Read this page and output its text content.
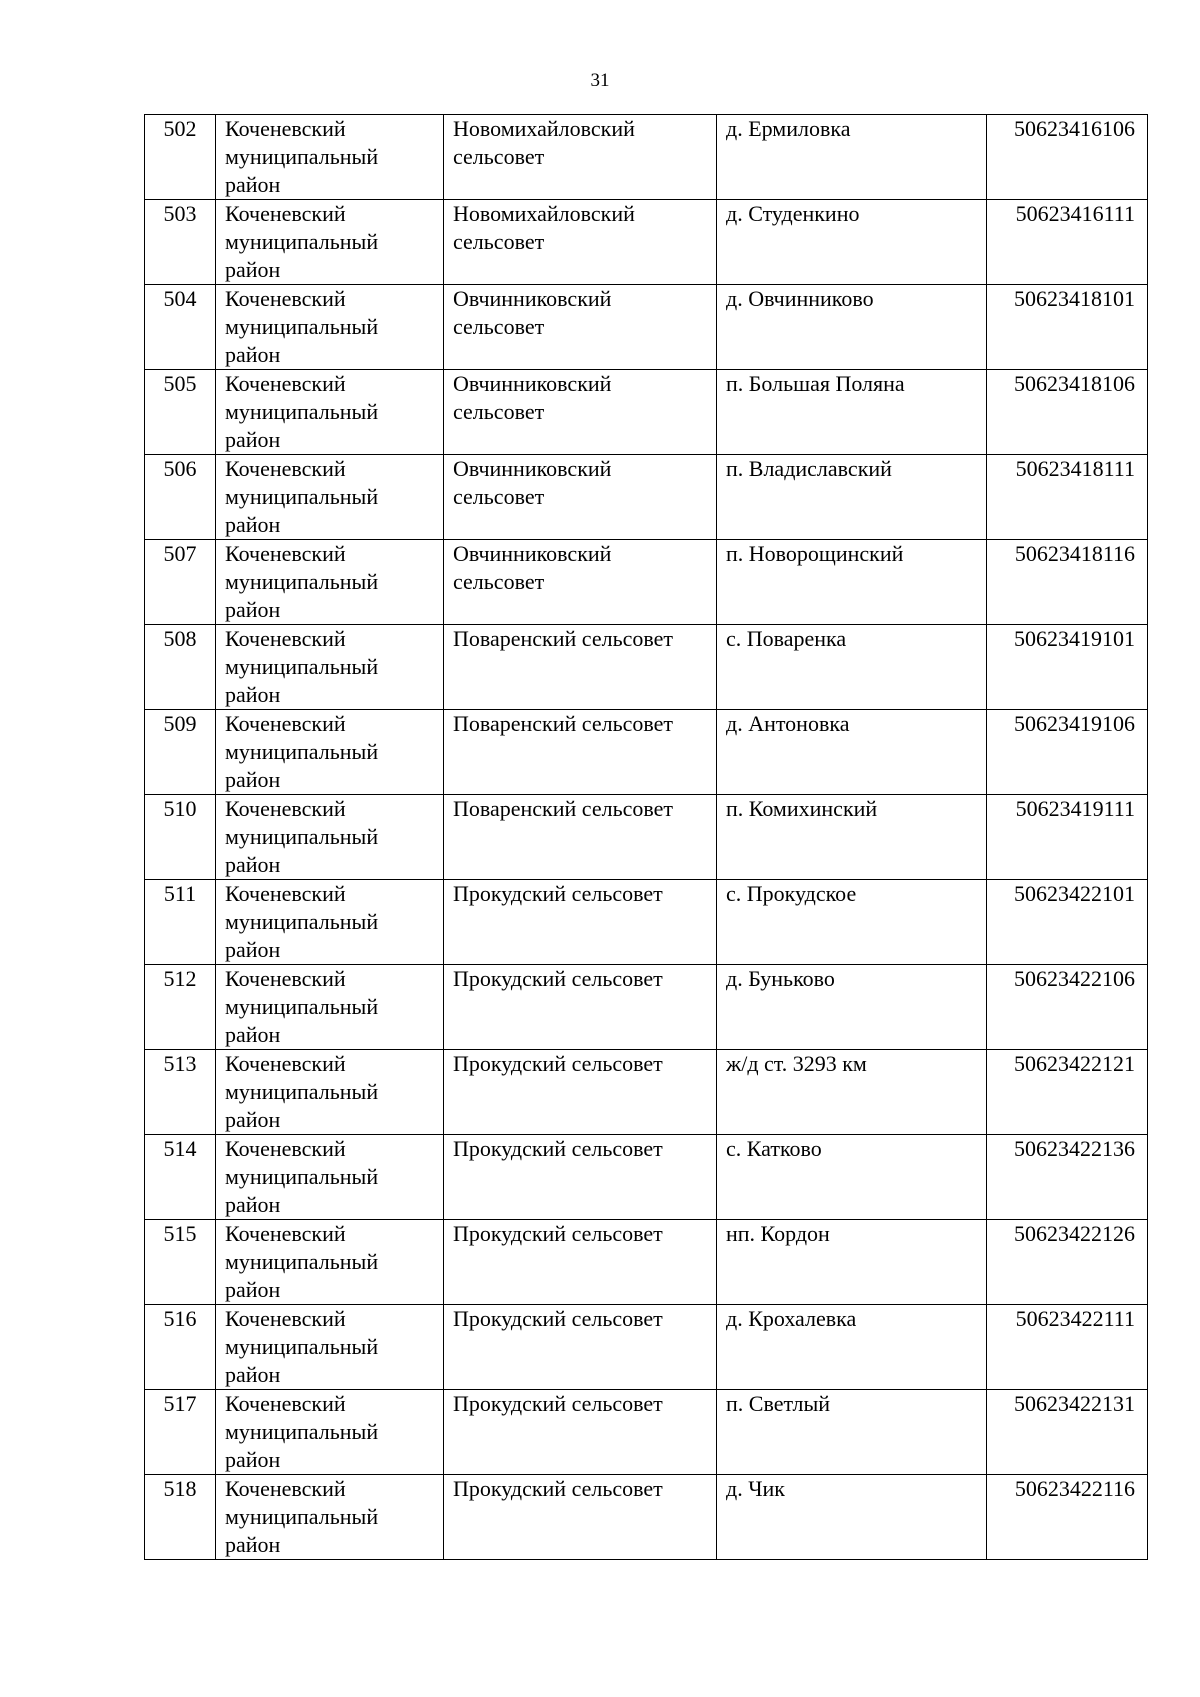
31
502	Коченевский
муниципальный
район	Новомихайловский
сельсовет	д. Ермиловка	50623416106

503	Коченевский
муниципальный
район	Новомихайловский
сельсовет	д. Студенкино	50623416111

504	Коченевский
муниципальный
район	Овчинниковский
сельсовет	д. Овчинниково	50623418101

505	Коченевский
муниципальный
район	Овчинниковский
сельсовет	п. Большая Поляна	50623418106

506	Коченевский
муниципальный
район	Овчинниковский
сельсовет	п. Владиславский	50623418111

507	Коченевский
муниципальный
район	Овчинниковский
сельсовет	п. Новорощинский	50623418116

508	Коченевский
муниципальный
район	Поваренский сельсовет	с. Поваренка	50623419101

509	Коченевский
муниципальный
район	Поваренский сельсовет	д. Антоновка	50623419106

510	Коченевский
муниципальный
район	Поваренский сельсовет	п. Комихинский	50623419111

511	Коченевский
муниципальный
район	Прокудский сельсовет	с. Прокудское	50623422101

512	Коченевский
муниципальный
район	Прокудский сельсовет	д. Буньково	50623422106

513	Коченевский
муниципальный
район	Прокудский сельсовет	ж/д ст. 3293 км	50623422121

514	Коченевский
муниципальный
район	Прокудский сельсовет	с. Катково	50623422136

515	Коченевский
муниципальный
район	Прокудский сельсовет	нп. Кордон	50623422126

516	Коченевский
муниципальный
район	Прокудский сельсовет	д. Крохалевка	50623422111

517	Коченевский
муниципальный
район	Прокудский сельсовет	п. Светлый	50623422131

518	Коченевский
муниципальный
район	Прокудский сельсовет	д. Чик	50623422116
